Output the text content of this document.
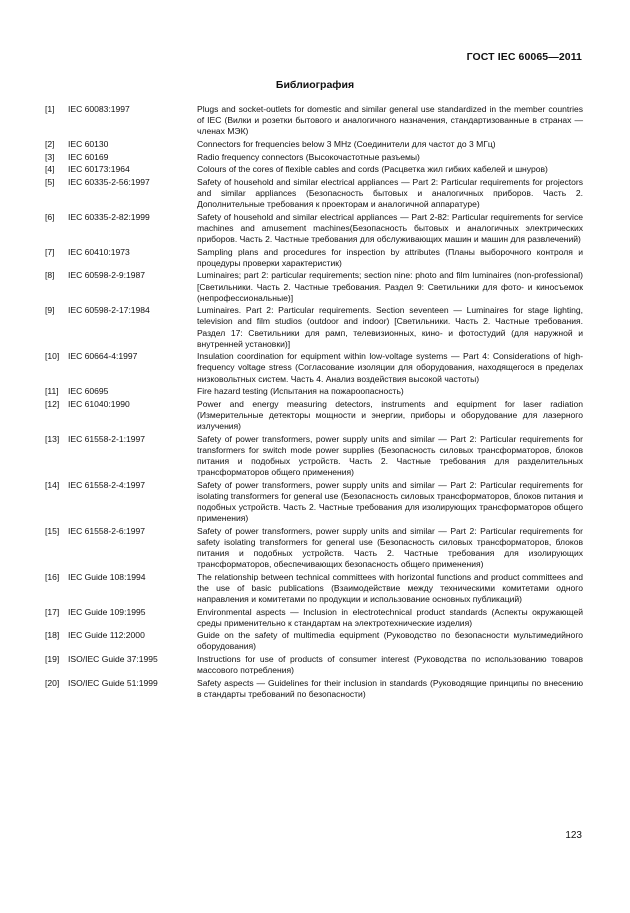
ГОСТ IEC 60065—2011
Библиография
[1]	IEC 60083:1997	Plugs and socket-outlets for domestic and similar general use standardized in the member countries of IEC (Вилки и розетки бытового и аналогичного назначения, стандартизованные в странах — членах МЭК)
[2]	IEC 60130	Connectors for frequencies below 3 MHz (Соединители для частот до 3 МГц)
[3]	IEC 60169	Radio frequency connectors (Высокочастотные разъемы)
[4]	IEC 60173:1964	Colours of the cores of flexible cables and cords (Расцветка жил гибких кабелей и шнуров)
[5]	IEC 60335-2-56:1997	Safety of household and similar electrical appliances — Part 2: Particular requirements for projectors and similar appliances (Безопасность бытовых и аналогичных приборов. Часть 2. Дополнительные требования к проекторам и аналогичной аппаратуре)
[6]	IEC 60335-2-82:1999	Safety of household and similar electrical appliances — Part 2-82: Particular requirements for service machines and amusement machines(Безопасность бытовых и аналогичных электрических приборов. Часть 2. Частные требования для обслуживающих машин и машин для развлечений)
[7]	IEC 60410:1973	Sampling plans and procedures for inspection by attributes (Планы выборочного контроля и процедуры проверки характеристик)
[8]	IEC 60598-2-9:1987	Luminaires; part 2: particular requirements; section nine: photo and film luminaires (non-professional) [Светильники. Часть 2. Частные требования. Раздел 9: Светильники для фото- и киносъемок (непрофессиональные)]
[9]	IEC 60598-2-17:1984	Luminaires. Part 2: Particular requirements. Section seventeen — Luminaires for stage lighting, television and film studios (outdoor and indoor) [Светильники. Часть 2. Частные требования. Раздел 17: Светильники для рамп, телевизионных, кино- и фотостудий (для наружной и внутренней установки)]
[10]	IEC 60664-4:1997	Insulation coordination for equipment within low-voltage systems — Part 4: Considerations of high-frequency voltage stress (Согласование изоляции для оборудования, находящегося в пределах низковольтных систем. Часть 4. Анализ воздействия высокой частоты)
[11]	IEC 60695	Fire hazard testing (Испытания на пожароопасность)
[12]	IEC 61040:1990	Power and energy measuring detectors, instruments and equipment for laser radiation (Измерительные детекторы мощности и энергии, приборы и оборудование для лазерного излучения)
[13]	IEC 61558-2-1:1997	Safety of power transformers, power supply units and similar — Part 2: Particular requirements for transformers for switch mode power supplies (Безопасность силовых трансформаторов, блоков питания и подобных устройств. Часть 2. Частные требования для разделительных трансформаторов общего применения)
[14]	IEC 61558-2-4:1997	Safety of power transformers, power supply units and similar — Part 2: Particular requirements for isolating transformers for general use (Безопасность силовых трансформаторов, блоков питания и подобных устройств. Часть 2. Частные требования для изолирующих трансформаторов общего применения)
[15]	IEC 61558-2-6:1997	Safety of power transformers, power supply units and similar — Part 2: Particular requirements for safety isolating transformers for general use (Безопасность силовых трансформаторов, блоков питания и подобных устройств. Часть 2. Частные требования для изолирующих трансформаторов, обеспечивающих безопасность общего применения)
[16]	IEC Guide 108:1994	The relationship between technical committees with horizontal functions and product committees and the use of basic publications (Взаимодействие между техническими комитетами одного направления и комитетами по продукции и использование основных публикаций)
[17]	IEC Guide 109:1995	Environmental aspects — Inclusion in electrotechnical product standards (Аспекты окружающей среды применительно к стандартам на электротехнические изделия)
[18]	IEC Guide 112:2000	Guide on the safety of multimedia equipment (Руководство по безопасности мультимедийного оборудования)
[19]	ISO/IEC Guide 37:1995	Instructions for use of products of consumer interest (Руководства по использованию товаров массового потребления)
[20]	ISO/IEC Guide 51:1999	Safety aspects — Guidelines for their inclusion in standards (Руководящие принципы по внесению в стандарты требований по безопасности)
123
